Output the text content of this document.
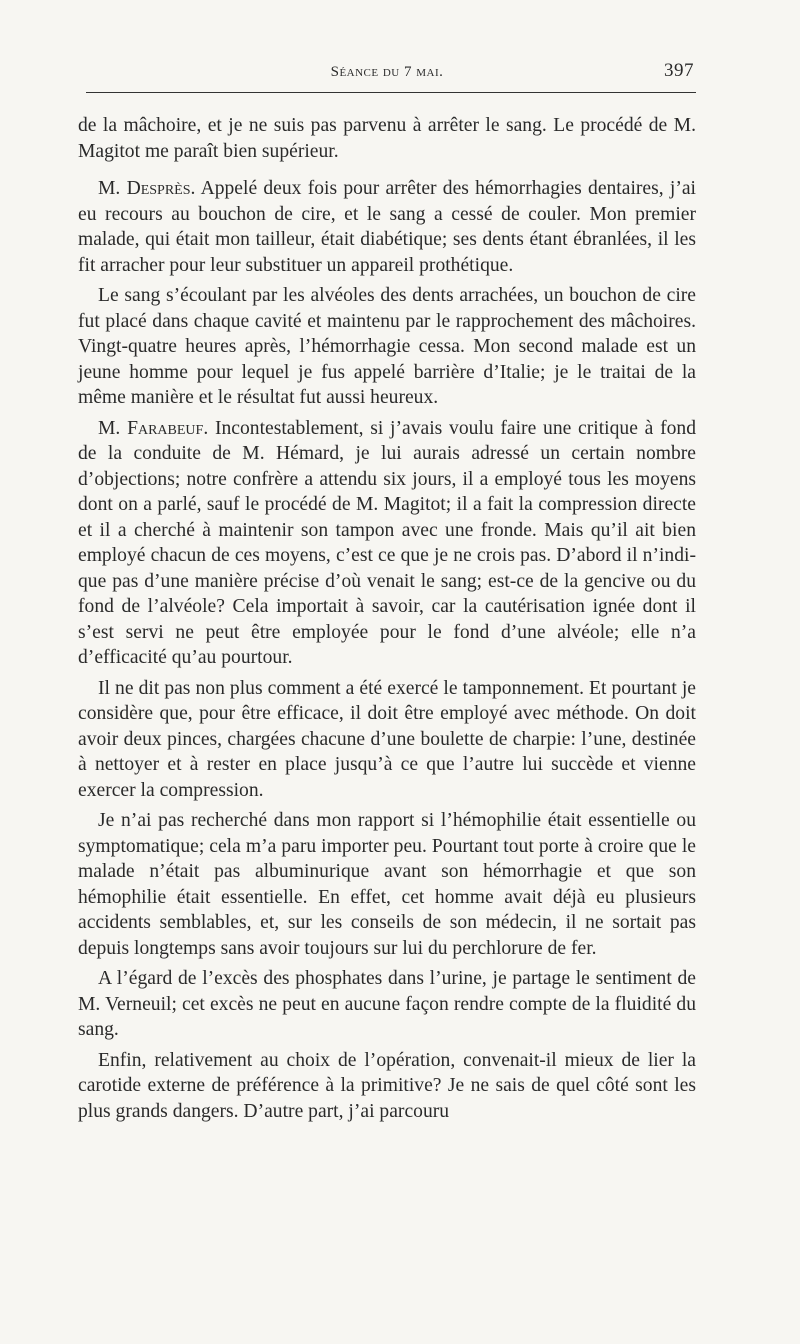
Séance du 7 mai.	397

de la mâchoire, et je ne suis pas parvenu à arrêter le sang. Le procédé de M. Magitot me paraît bien supérieur.

M. Desprès. Appelé deux fois pour arrêter des hémorrhagies dentaires, j’ai eu recours au bouchon de cire, et le sang a cessé de couler. Mon premier malade, qui était mon tailleur, était diabétique; ses dents étant ébranlées, il les fit arracher pour leur substituer un appareil prothétique.

Le sang s’écoulant par les alvéoles des dents arrachées, un bouchon de cire fut placé dans chaque cavité et maintenu par le rapprochement des mâchoires. Vingt-quatre heures après, l’hémorrhagie cessa. Mon second malade est un jeune homme pour lequel je fus appelé barrière d’Italie; je le traitai de la même manière et le résultat fut aussi heureux.

M. Farabeuf. Incontestablement, si j’avais voulu faire une critique à fond de la conduite de M. Hémard, je lui aurais adressé un certain nombre d’objections; notre confrère a attendu six jours, il a employé tous les moyens dont on a parlé, sauf le procédé de M. Magitot; il a fait la compression directe et il a cherché à maintenir son tampon avec une fronde. Mais qu’il ait bien employé chacun de ces moyens, c’est ce que je ne crois pas. D’abord il n’indique pas d’une manière précise d’où venait le sang; est-ce de la gencive ou du fond de l’alvéole? Cela importait à savoir, car la cautérisation ignée dont il s’est servi ne peut être employée pour le fond d’une alvéole; elle n’a d’efficacité qu’au pourtour.

Il ne dit pas non plus comment a été exercé le tamponnement. Et pourtant je considère que, pour être efficace, il doit être employé avec méthode. On doit avoir deux pinces, chargées chacune d’une boulette de charpie: l’une, destinée à nettoyer et à rester en place jusqu’à ce que l’autre lui succède et vienne exercer la compression.

Je n’ai pas recherché dans mon rapport si l’hémophilie était essentielle ou symptomatique; cela m’a paru importer peu. Pourtant tout porte à croire que le malade n’était pas albuminurique avant son hémorrhagie et que son hémophilie était essentielle. En effet, cet homme avait déjà eu plusieurs accidents semblables, et, sur les conseils de son médecin, il ne sortait pas depuis longtemps sans avoir toujours sur lui du perchlorure de fer.

A l’égard de l’excès des phosphates dans l’urine, je partage le sentiment de M. Verneuil; cet excès ne peut en aucune façon rendre compte de la fluidité du sang.

Enfin, relativement au choix de l’opération, convenait-il mieux de lier la carotide externe de préférence à la primitive? Je ne sais de quel côté sont les plus grands dangers. D’autre part, j’ai parcouru
